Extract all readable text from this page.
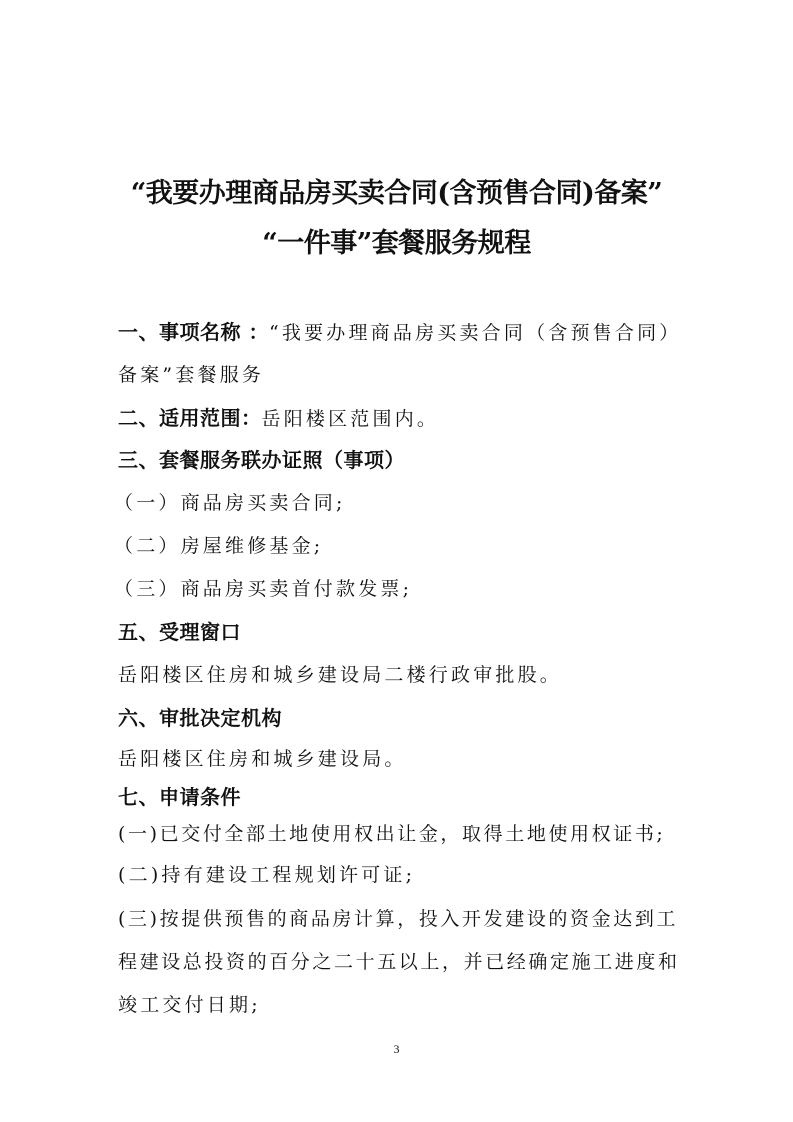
“我要办理商品房买卖合同(含预售合同)备案”
“一件事”套餐服务规程
一、事项名称 ：“我要办理商品房买卖合同（含预售合同）
备案”套餐服务
二、适用范围：岳阳楼区范围内。
三、套餐服务联办证照（事项）
（一）商品房买卖合同;
（二）房屋维修基金;
（三）商品房买卖首付款发票;
五、受理窗口
岳阳楼区住房和城乡建设局二楼行政审批股。
六、审批决定机构
岳阳楼区住房和城乡建设局。
七、申请条件
(一)已交付全部土地使用权出让金，取得土地使用权证书;
(二)持有建设工程规划许可证;
(三)按提供预售的商品房计算，投入开发建设的资金达到工
程建设总投资的百分之二十五以上，并已经确定施工进度和
竣工交付日期;
3
